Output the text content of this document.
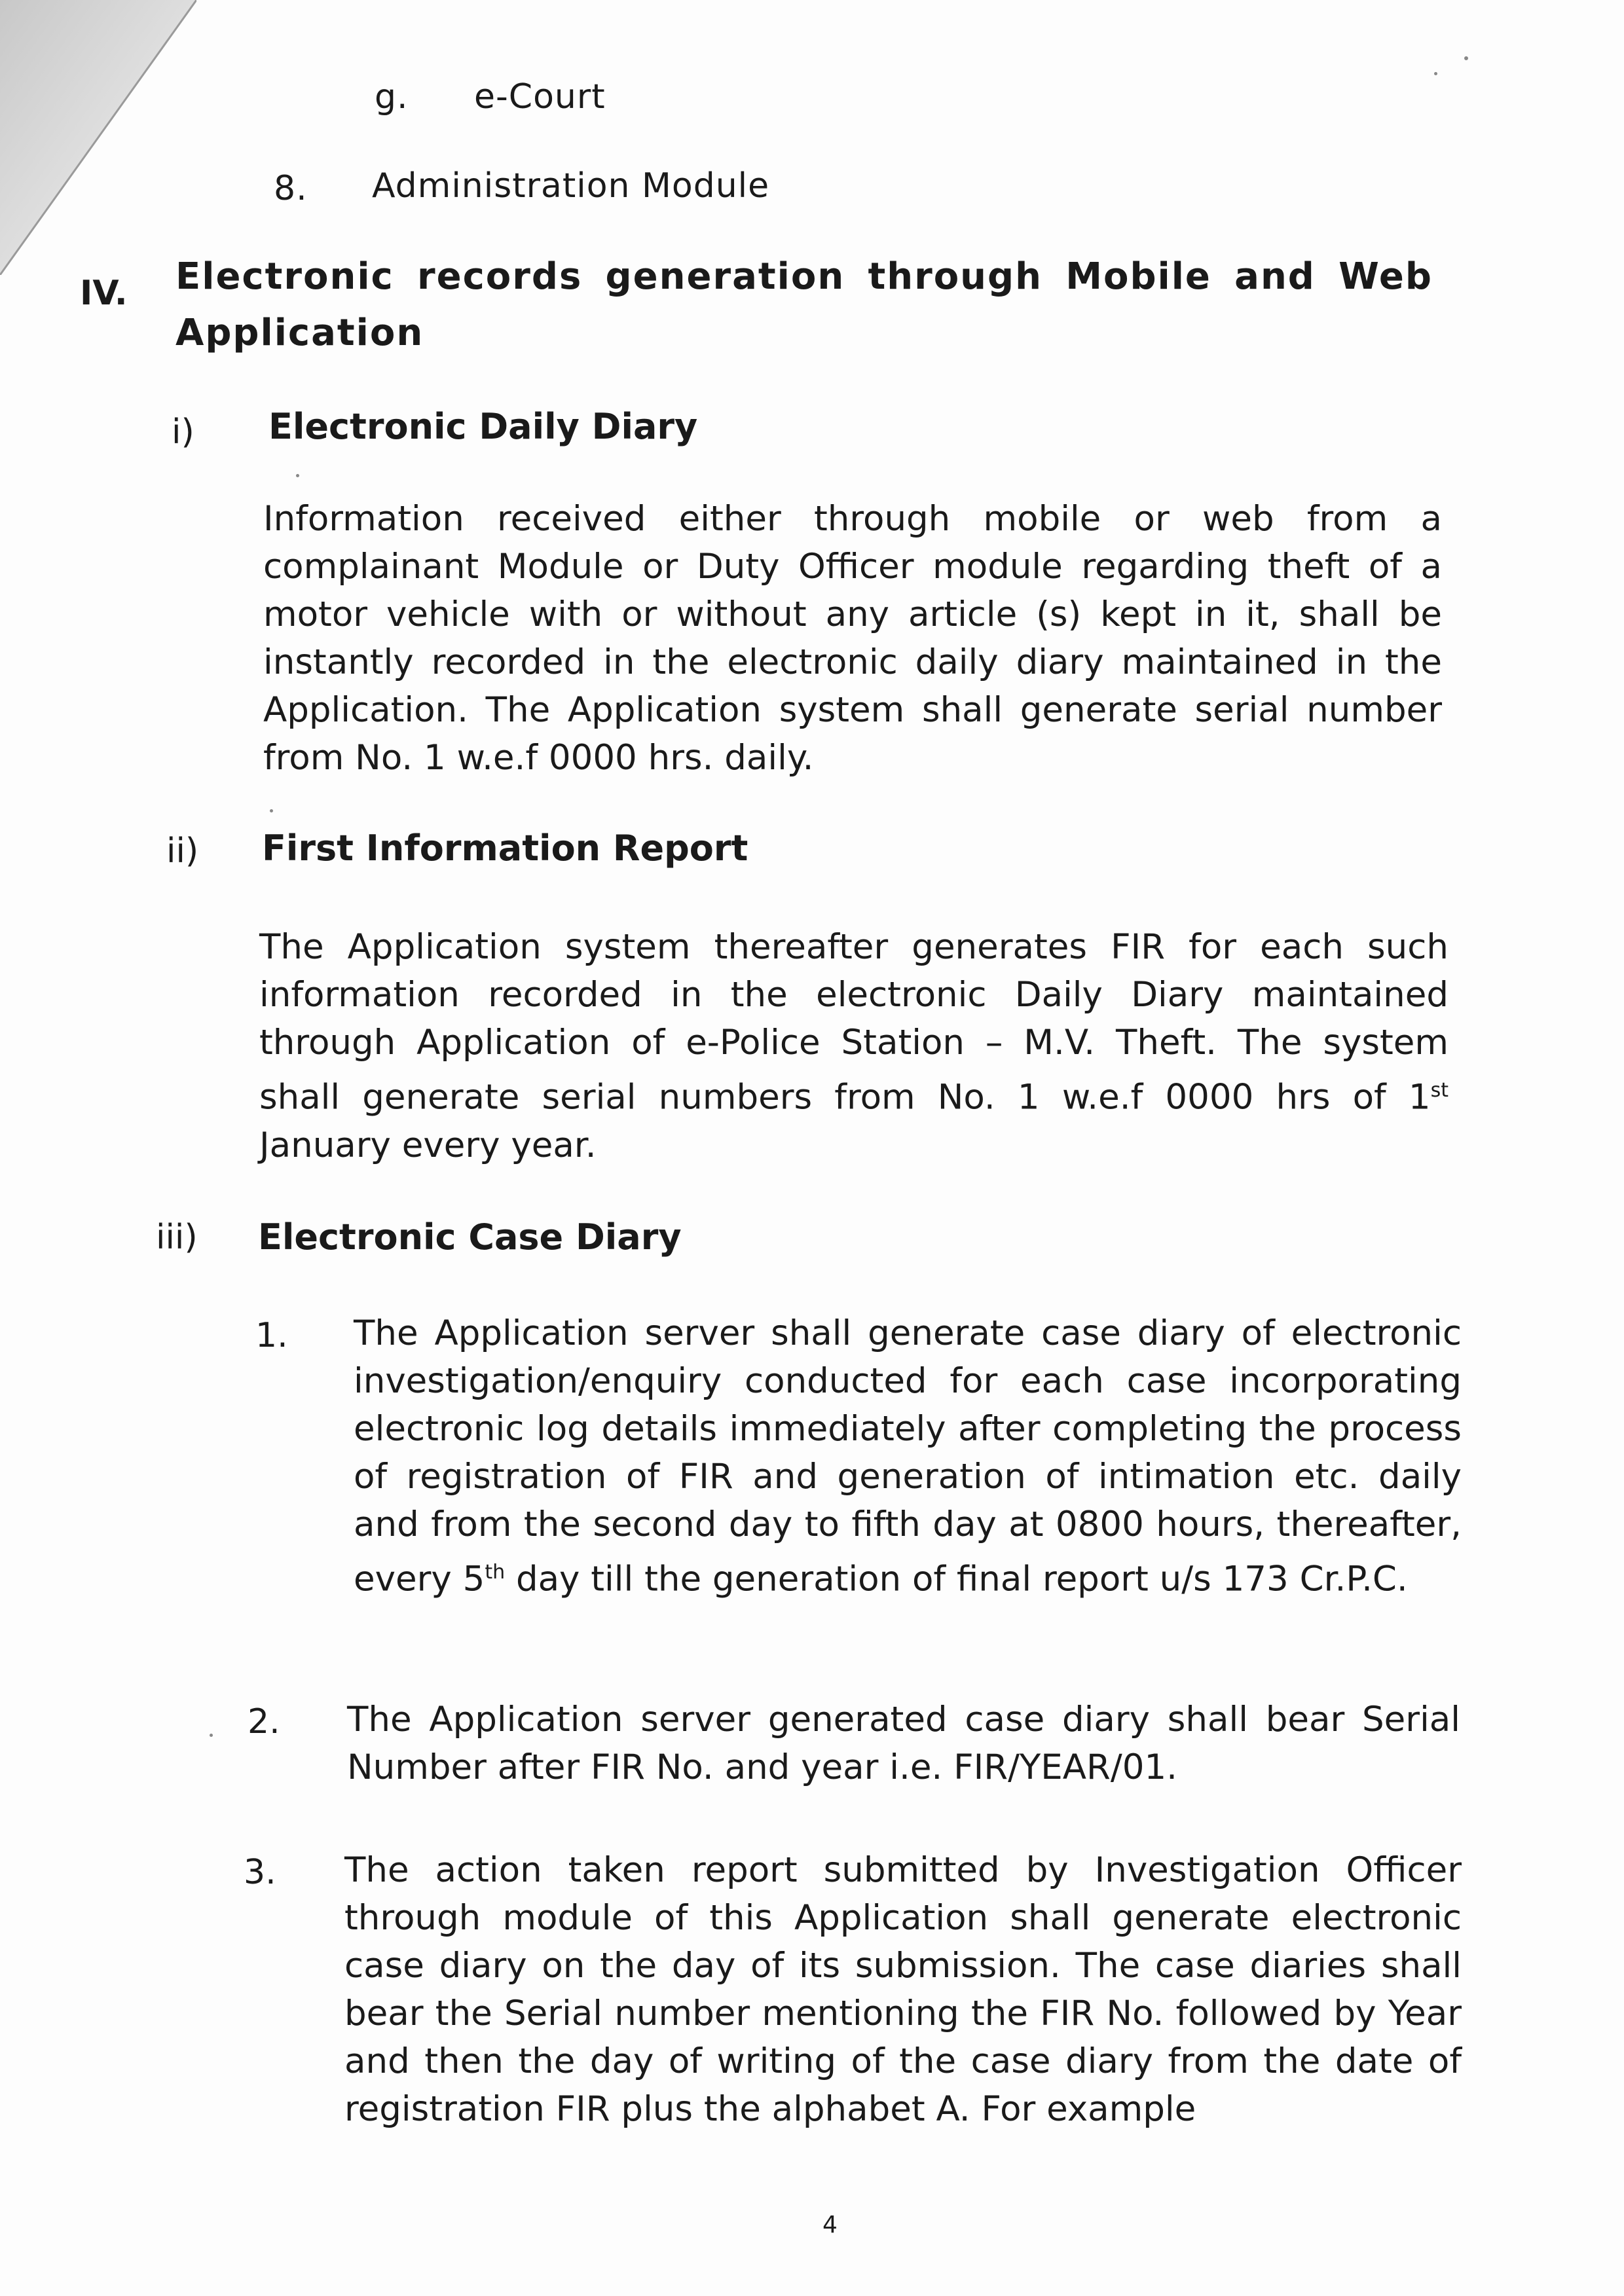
g. e-Court
8. Administration Module
IV. Electronic records generation through Mobile and Web
Application
i) Electronic Daily Diary
Information received either through mobile or web from a complainant Module or Duty Officer module regarding theft of a motor vehicle with or without any article (s) kept in it, shall be instantly recorded in the electronic daily diary maintained in the Application. The Application system shall generate serial number from No. 1 w.e.f 0000 hrs. daily.
ii) First Information Report
The Application system thereafter generates FIR for each such information recorded in the electronic Daily Diary maintained through Application of e-Police Station – M.V. Theft. The system shall generate serial numbers from No. 1 w.e.f 0000 hrs of 1st January every year.
iii) Electronic Case Diary
1. The Application server shall generate case diary of electronic investigation/enquiry conducted for each case incorporating electronic log details immediately after completing the process of registration of FIR and generation of intimation etc. daily and from the second day to fifth day at 0800 hours, thereafter, every 5th day till the generation of final report u/s 173 Cr.P.C.
2. The Application server generated case diary shall bear Serial Number after FIR No. and year i.e. FIR/YEAR/01.
3. The action taken report submitted by Investigation Officer through module of this Application shall generate electronic case diary on the day of its submission. The case diaries shall bear the Serial number mentioning the FIR No. followed by Year and then the day of writing of the case diary from the date of registration FIR plus the alphabet A. For example
4
